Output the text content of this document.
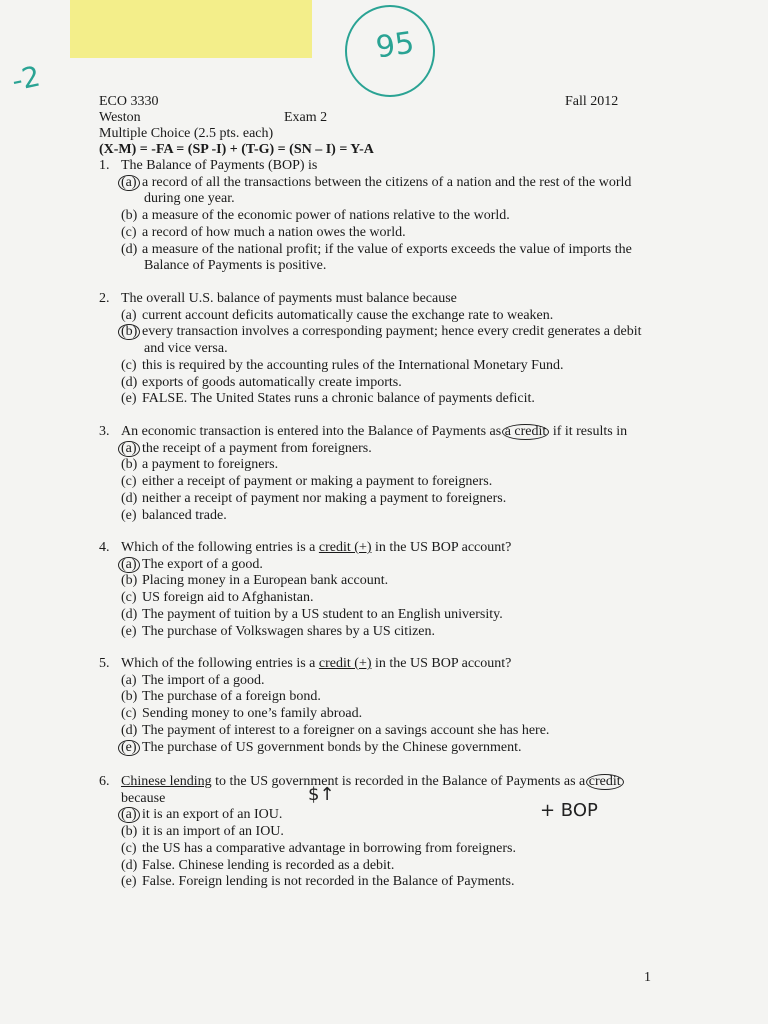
95
-2
ECO 3330	Fall 2012
Weston	Exam 2
Multiple Choice (2.5 pts. each)
(X-M) = -FA = (SP -I) + (T-G) = (SN – I) = Y-A
1. The Balance of Payments (BOP) is
(a) a record of all the transactions between the citizens of a nation and the rest of the world
during one year.
(b) a measure of the economic power of nations relative to the world.
(c) a record of how much a nation owes the world.
(d) a measure of the national profit; if the value of exports exceeds the value of imports the
Balance of Payments is positive.
2. The overall U.S. balance of payments must balance because
(a) current account deficits automatically cause the exchange rate to weaken.
(b) every transaction involves a corresponding payment; hence every credit generates a debit
and vice versa.
(c) this is required by the accounting rules of the International Monetary Fund.
(d) exports of goods automatically create imports.
(e) FALSE. The United States runs a chronic balance of payments deficit.
3. An economic transaction is entered into the Balance of Payments as a credit if it results in
(a) the receipt of a payment from foreigners.
(b) a payment to foreigners.
(c) either a receipt of payment or making a payment to foreigners.
(d) neither a receipt of payment nor making a payment to foreigners.
(e) balanced trade.
4. Which of the following entries is a credit (+) in the US BOP account?
(a) The export of a good.
(b) Placing money in a European bank account.
(c) US foreign aid to Afghanistan.
(d) The payment of tuition by a US student to an English university.
(e) The purchase of Volkswagen shares by a US citizen.
5. Which of the following entries is a credit (+) in the US BOP account?
(a) The import of a good.
(b) The purchase of a foreign bond.
(c) Sending money to one’s family abroad.
(d) The payment of interest to a foreigner on a savings account she has here.
(e) The purchase of US government bonds by the Chinese government.
6. Chinese lending to the US government is recorded in the Balance of Payments as a credit
because
(a) it is an export of an IOU.
(b) it is an import of an IOU.
(c) the US has a comparative advantage in borrowing from foreigners.
(d) False. Chinese lending is recorded as a debit.
(e) False. Foreign lending is not recorded in the Balance of Payments.
$↑
+ BOP
1
